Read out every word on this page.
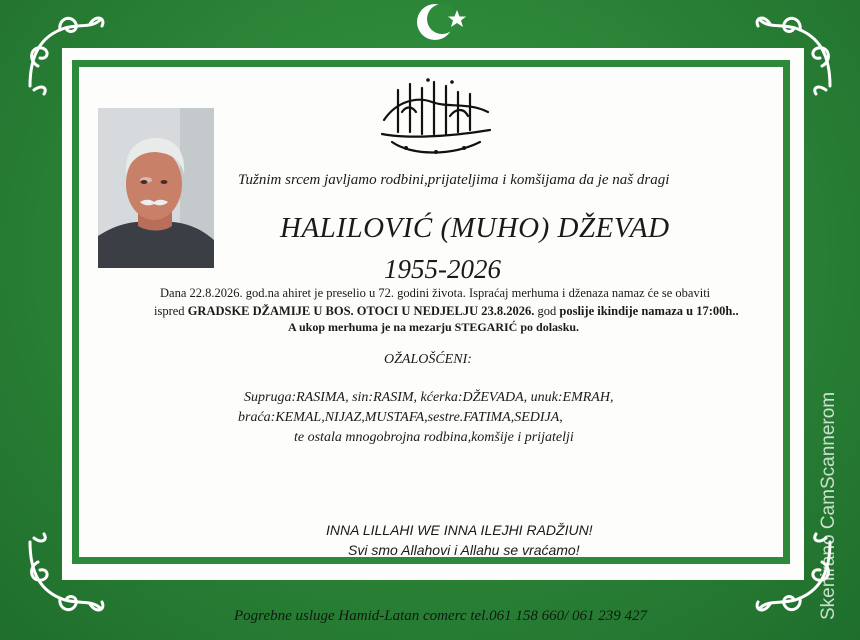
Tužnim srcem javljamo rodbini,prijateljima i komšijama da je naš dragi
HALILOVIĆ (MUHO) DŽEVAD
1955-2026
Dana 22.8.2026. god.na ahiret je preselio u 72. godini života. Ispraćaj merhuma i dženaza namaz će se obaviti
ispred GRADSKE DŽAMIJE U BOS. OTOCI U NEDJELJU 23.8.2026. god poslije ikindije namaza u 17:00h..
A ukop merhuma je na mezarju STEGARIĆ po dolasku.
OŽALOŠĆENI:
Supruga:RASIMA, sin:RASIM, kćerka:DŽEVADA, unuk:EMRAH,
braća:KEMAL,NIJAZ,MUSTAFA,sestre.FATIMA,SEDIJA,
te ostala mnogobrojna rodbina,komšije i prijatelji
INNA LILLAHI WE INNA ILEJHI RADŽIUN!
Svi smo Allahovi i Allahu se vraćamo!
Pogrebne usluge Hamid-Latan comerc tel.061 158 660/ 061 239 427	Skenirano CamScannerom
